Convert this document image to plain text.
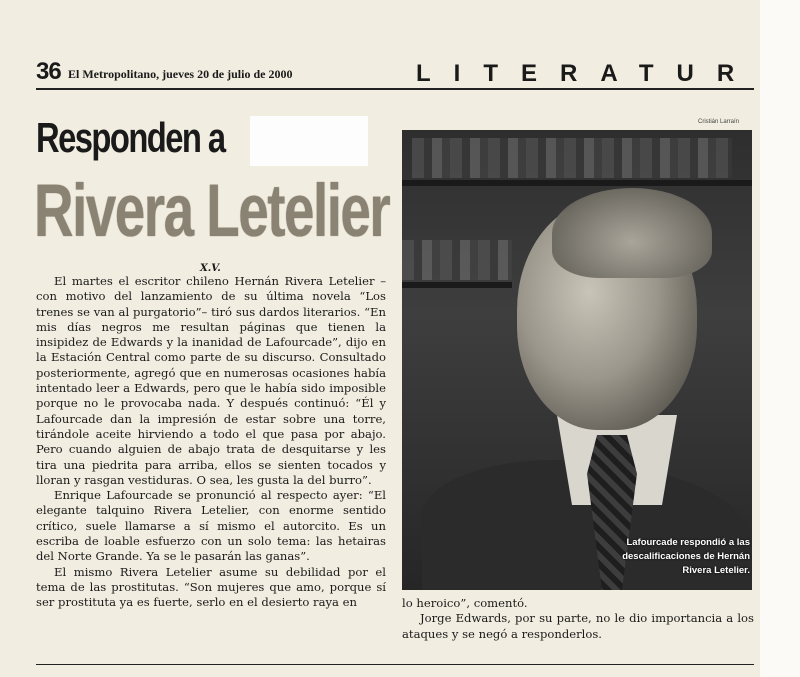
36 El Metropolitano, jueves 20 de julio de 2000	LITERATUR
Cristián Larraín
Responden a
Rivera Letelier
X.V.

El martes el escritor chileno Hernán Rivera Letelier –con motivo del lanzamiento de su última novela “Los trenes se van al purgatorio”– tiró sus dardos literarios. “En mis días negros me resultan páginas que tienen la insipidez de Edwards y la inanidad de Lafourcade”, dijo en la Estación Central como parte de su discurso. Consultado posteriormente, agregó que en numerosas ocasiones había intentado leer a Edwards, pero que le había sido imposible porque no le provocaba nada. Y después continuó: “Él y Lafourcade dan la impresión de estar sobre una torre, tirándole aceite hirviendo a todo el que pasa por abajo. Pero cuando alguien de abajo trata de desquitarse y les tira una piedrita para arriba, ellos se sienten tocados y lloran y rasgan vestiduras. O sea, les gusta la del burro”.

Enrique Lafourcade se pronunció al respecto ayer: “El elegante talquino Rivera Letelier, con enorme sentido crítico, suele llamarse a sí mismo el autorcito. Es un escriba de loable esfuerzo con un solo tema: las hetairas del Norte Grande. Ya se le pasarán las ganas”.

El mismo Rivera Letelier asume su debilidad por el tema de las prostitutas. “Son mujeres que amo, porque sí ser prostituta ya es fuerte, serlo en el desierto raya en

Lafourcade respondió a las descalificaciones de Hernán Rivera Letelier.

lo heroico”, comentó.

Jorge Edwards, por su parte, no le dio importancia a los ataques y se negó a responderlos.
